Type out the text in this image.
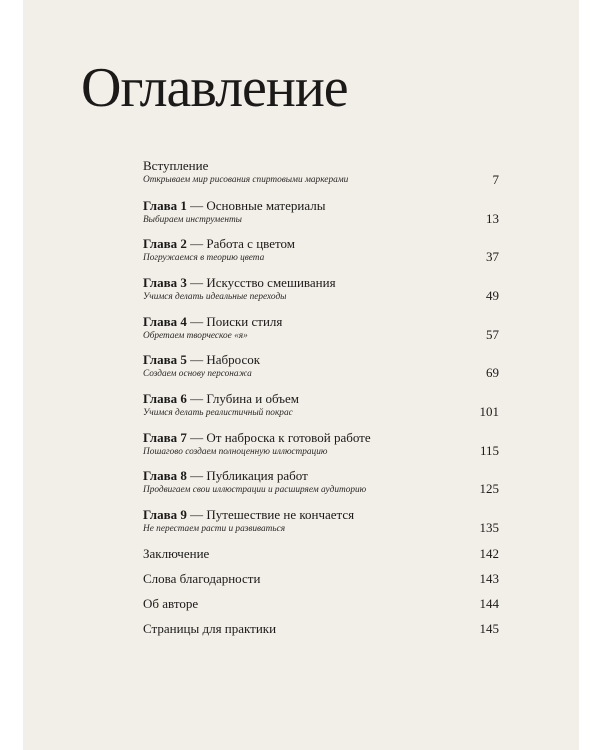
Оглавление
Вступление
Открываем мир рисования спиртовыми маркерами	7
Глава 1 — Основные материалы
Выбираем инструменты	13
Глава 2 — Работа с цветом
Погружаемся в теорию цвета	37
Глава 3 — Искусство смешивания
Учимся делать идеальные переходы	49
Глава 4 — Поиски стиля
Обретаем творческое «я»	57
Глава 5 — Набросок
Создаем основу персонажа	69
Глава 6 — Глубина и объем
Учимся делать реалистичный покрас	101
Глава 7 — От наброска к готовой работе
Пошагово создаем полноценную иллюстрацию	115
Глава 8 — Публикация работ
Продвигаем свои иллюстрации и расширяем аудиторию	125
Глава 9 — Путешествие не кончается
Не перестаем расти и развиваться	135
Заключение	142
Слова благодарности	143
Об авторе	144
Страницы для практики	145
